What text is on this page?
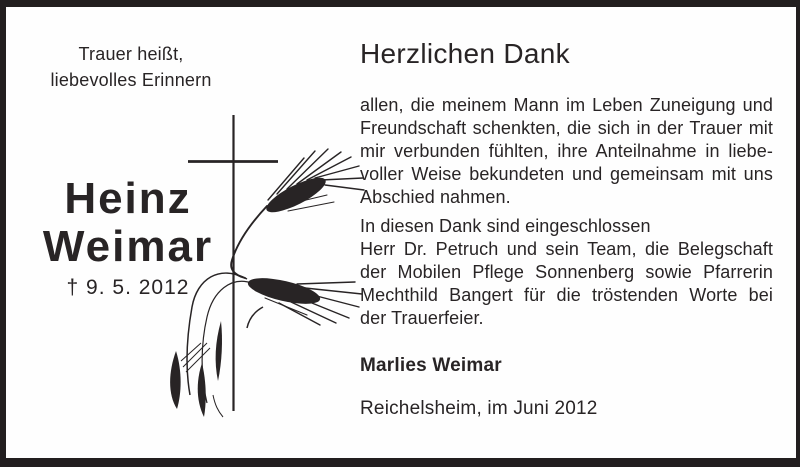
Trauer heißt,
liebevolles Erinnern
Heinz
Weimar
† 9. 5. 2012
Herzlichen Dank
allen, die meinem Mann im Leben Zuneigung und
Freundschaft schenkten, die sich in der Trauer mit
mir verbunden fühlten, ihre Anteilnahme in liebe-
voller Weise bekundeten und gemeinsam mit uns
Abschied nahmen.
In diesen Dank sind eingeschlossen
Herr Dr. Petruch und sein Team, die Belegschaft
der Mobilen Pflege Sonnenberg sowie Pfarrerin
Mechthild Bangert für die tröstenden Worte bei
der Trauerfeier.
Marlies Weimar
Reichelsheim, im Juni 2012
